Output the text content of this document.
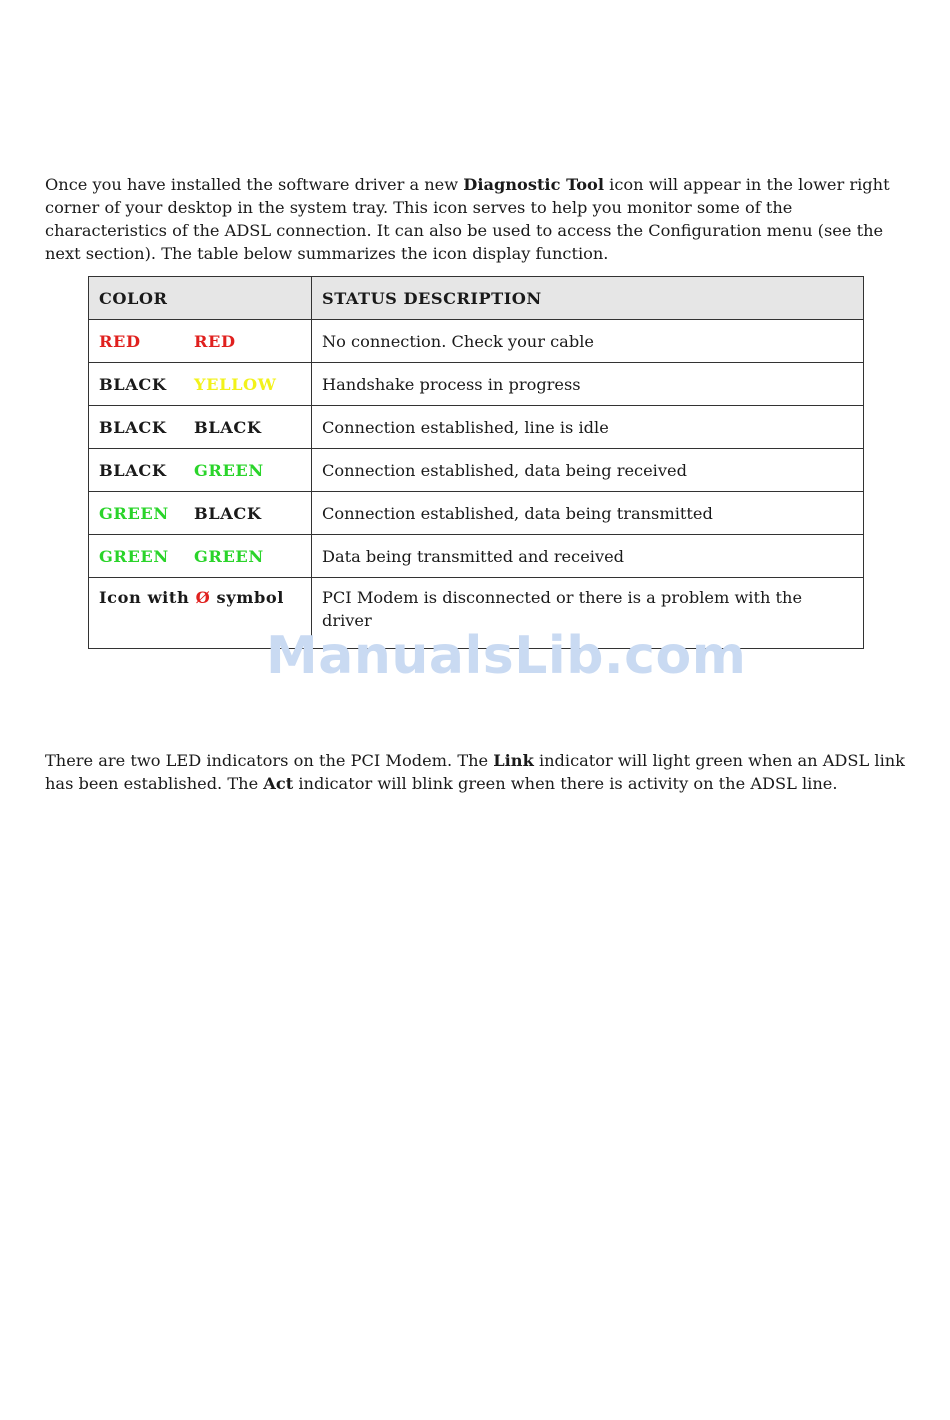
Once you have installed the software driver a new Diagnostic Tool icon will appear in the lower right corner of your desktop in the system tray. This icon serves to help you monitor some of the characteristics of the ADSL connection. It can also be used to access the Configuration menu (see the next section). The table below summarizes the icon display function.

COLOR	STATUS DESCRIPTION
RED RED	No connection. Check your cable
BLACK YELLOW	Handshake process in progress
BLACK BLACK	Connection established, line is idle
BLACK GREEN	Connection established, data being received
GREEN BLACK	Connection established, data being transmitted
GREEN GREEN	Data being transmitted and received
Icon with Ø symbol	PCI Modem is disconnected or there is a problem with the driver
ManualsLib.com

There are two LED indicators on the PCI Modem. The Link indicator will light green when an ADSL link has been established. The Act indicator will blink green when there is activity on the ADSL line.
